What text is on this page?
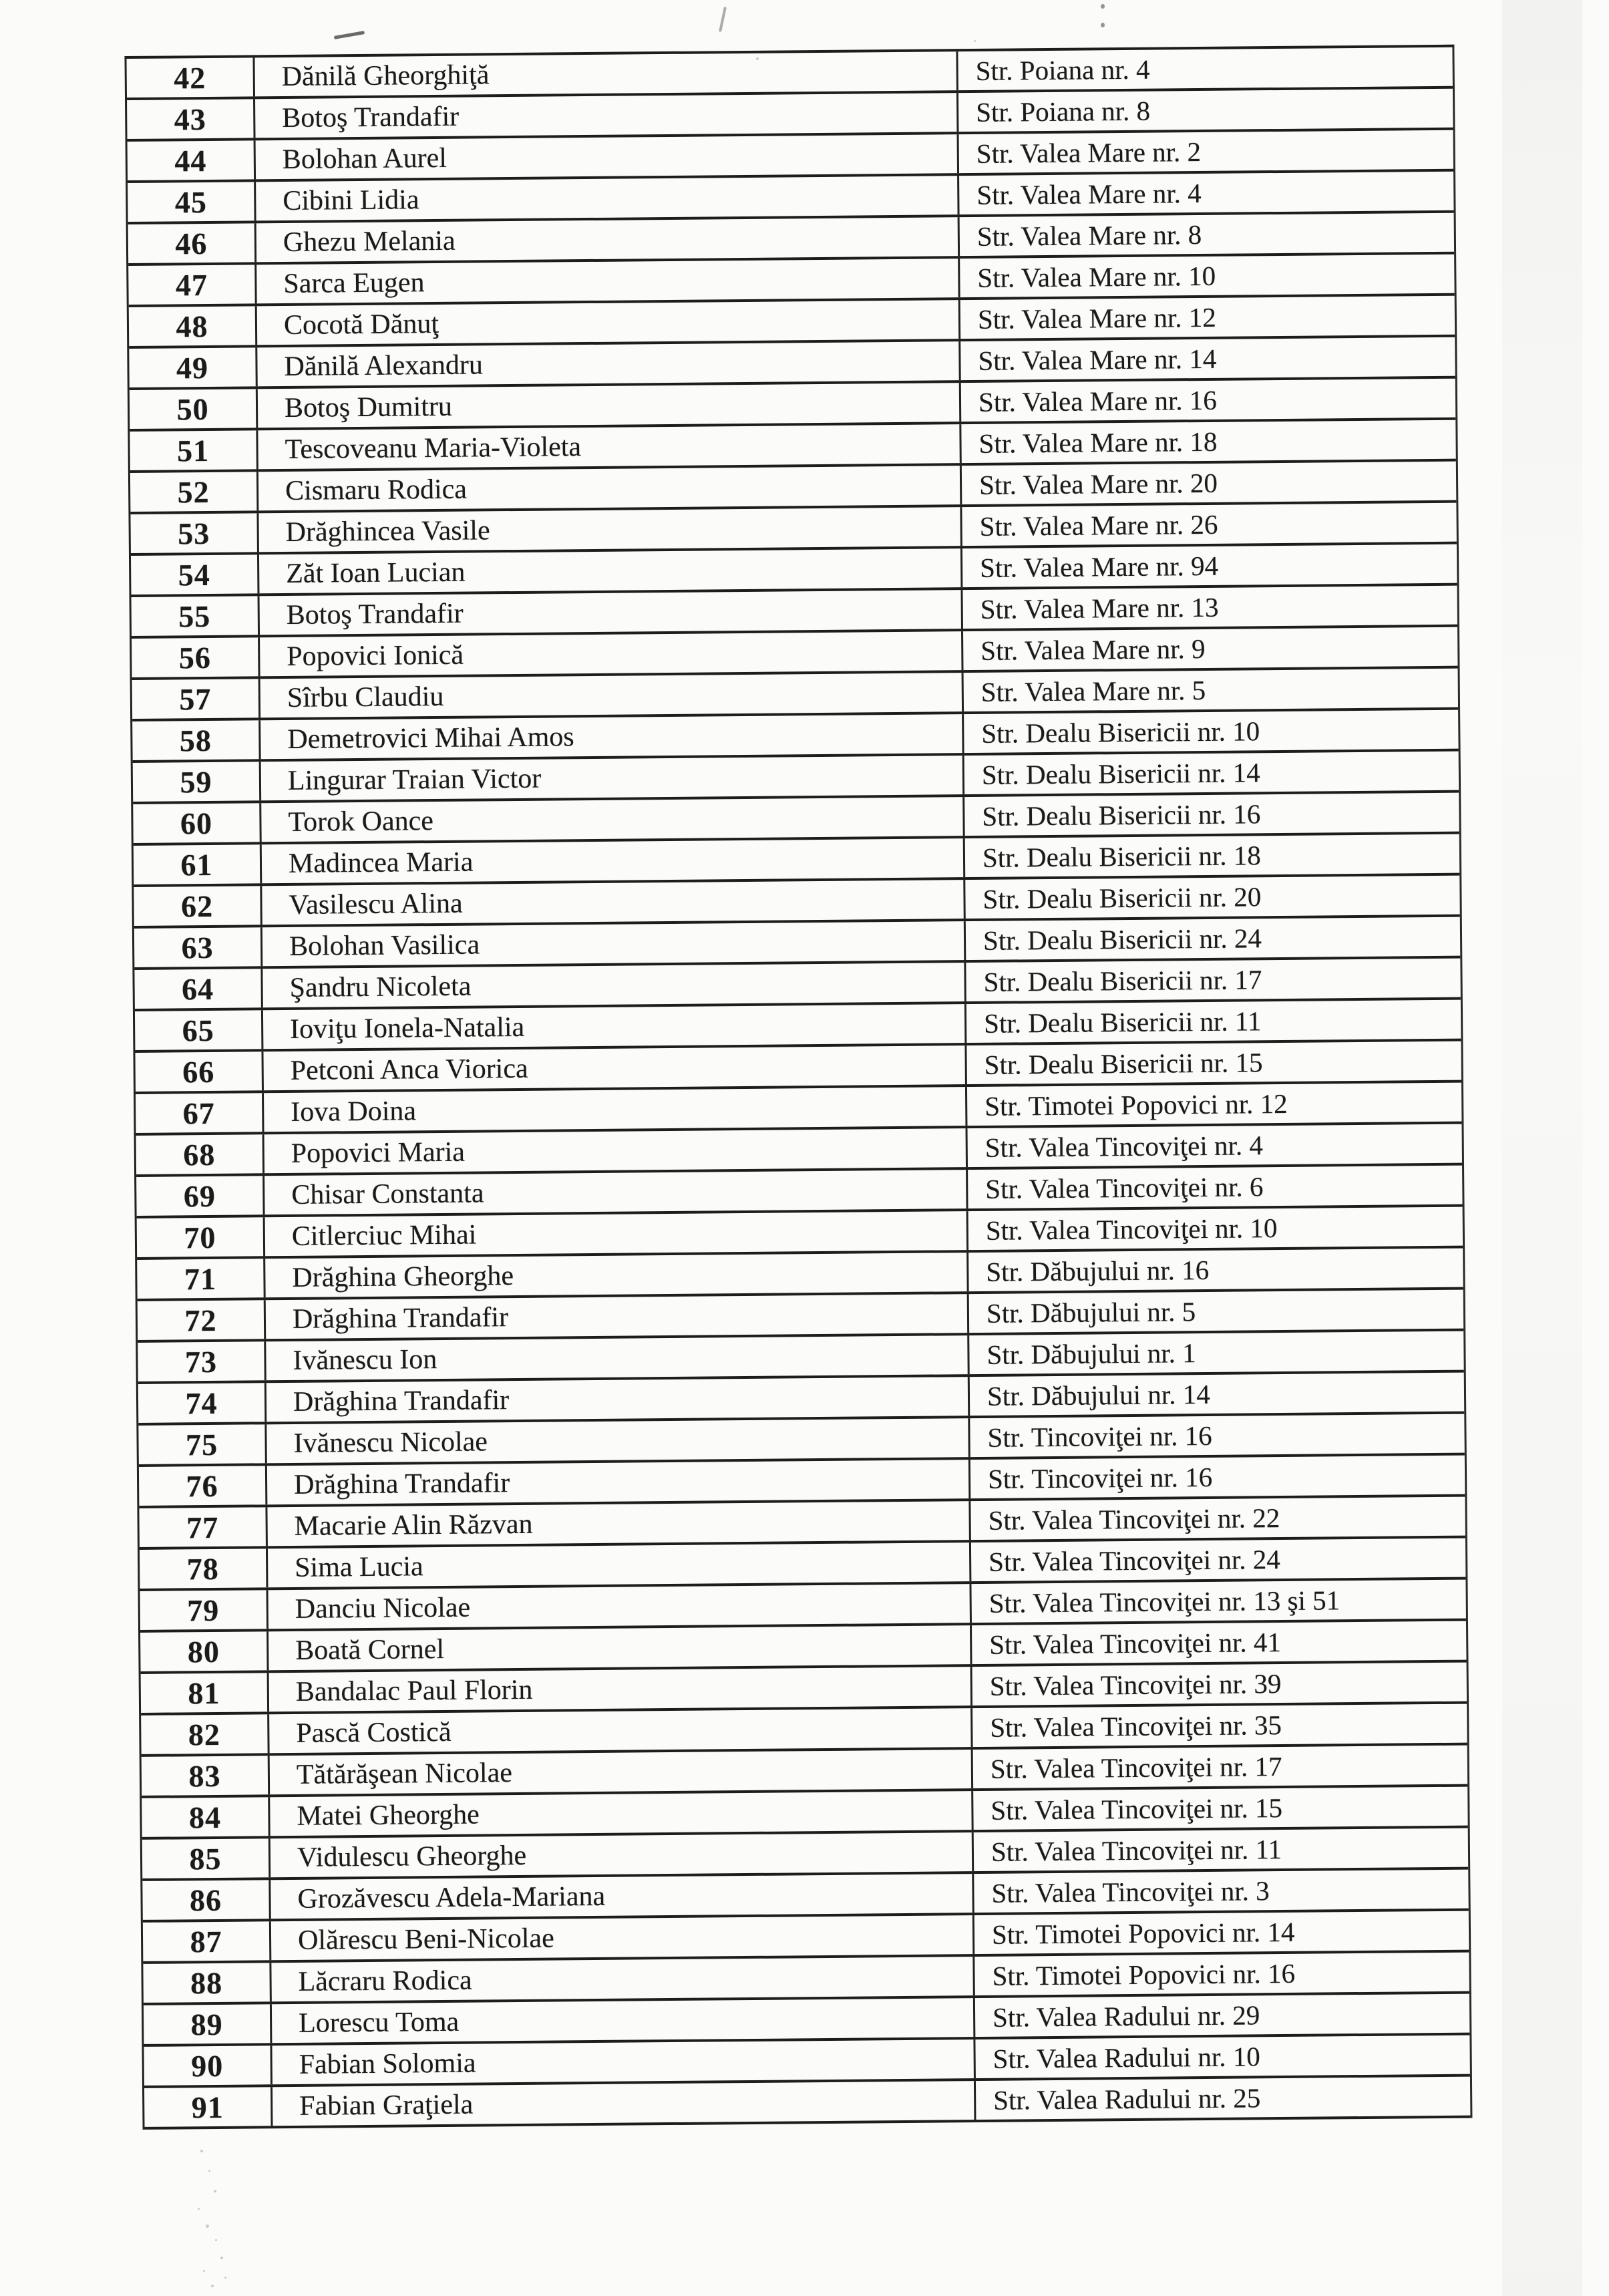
42	Dănilă Gheorghiţă	Str. Poiana nr. 4
43	Botoş Trandafir	Str. Poiana nr. 8
44	Bolohan Aurel	Str. Valea Mare nr. 2
45	Cibini Lidia	Str. Valea Mare nr. 4
46	Ghezu Melania	Str. Valea Mare nr. 8
47	Sarca Eugen	Str. Valea Mare nr. 10
48	Cocotă Dănuţ	Str. Valea Mare nr. 12
49	Dănilă Alexandru	Str. Valea Mare nr. 14
50	Botoş Dumitru	Str. Valea Mare nr. 16
51	Tescoveanu Maria-Violeta	Str. Valea Mare nr. 18
52	Cismaru Rodica	Str. Valea Mare nr. 20
53	Drăghincea Vasile	Str. Valea Mare nr. 26
54	Zăt Ioan Lucian	Str. Valea Mare nr. 94
55	Botoş Trandafir	Str. Valea Mare nr. 13
56	Popovici Ionică	Str. Valea Mare nr. 9
57	Sîrbu Claudiu	Str. Valea Mare nr. 5
58	Demetrovici Mihai Amos	Str. Dealu Bisericii nr. 10
59	Lingurar Traian Victor	Str. Dealu Bisericii nr. 14
60	Torok Oance	Str. Dealu Bisericii nr. 16
61	Madincea Maria	Str. Dealu Bisericii nr. 18
62	Vasilescu Alina	Str. Dealu Bisericii nr. 20
63	Bolohan Vasilica	Str. Dealu Bisericii nr. 24
64	Şandru Nicoleta	Str. Dealu Bisericii nr. 17
65	Ioviţu Ionela-Natalia	Str. Dealu Bisericii nr. 11
66	Petconi Anca Viorica	Str. Dealu Bisericii nr. 15
67	Iova Doina	Str. Timotei Popovici nr. 12
68	Popovici Maria	Str. Valea Tincoviţei nr. 4
69	Chisar Constanta	Str. Valea Tincoviţei nr. 6
70	Citlerciuc Mihai	Str. Valea Tincoviţei nr. 10
71	Drăghina Gheorghe	Str. Dăbujului nr. 16
72	Drăghina Trandafir	Str. Dăbujului nr. 5
73	Ivănescu Ion	Str. Dăbujului nr. 1
74	Drăghina Trandafir	Str. Dăbujului nr. 14
75	Ivănescu Nicolae	Str. Tincoviţei nr. 16
76	Drăghina Trandafir	Str. Tincoviţei nr. 16
77	Macarie Alin Răzvan	Str. Valea Tincoviţei nr. 22
78	Sima Lucia	Str. Valea Tincoviţei nr. 24
79	Danciu Nicolae	Str. Valea Tincoviţei nr. 13 şi 51
80	Boată Cornel	Str. Valea Tincoviţei nr. 41
81	Bandalac Paul Florin	Str. Valea Tincoviţei nr. 39
82	Pască Costică	Str. Valea Tincoviţei nr. 35
83	Tătărăşean Nicolae	Str. Valea Tincoviţei nr. 17
84	Matei Gheorghe	Str. Valea Tincoviţei nr. 15
85	Vidulescu Gheorghe	Str. Valea Tincoviţei nr. 11
86	Grozăvescu Adela-Mariana	Str. Valea Tincoviţei nr. 3
87	Olărescu Beni-Nicolae	Str. Timotei Popovici nr. 14
88	Lăcraru Rodica	Str. Timotei Popovici nr. 16
89	Lorescu Toma	Str. Valea Radului nr. 29
90	Fabian Solomia	Str. Valea Radului nr. 10
91	Fabian Graţiela	Str. Valea Radului nr. 25
